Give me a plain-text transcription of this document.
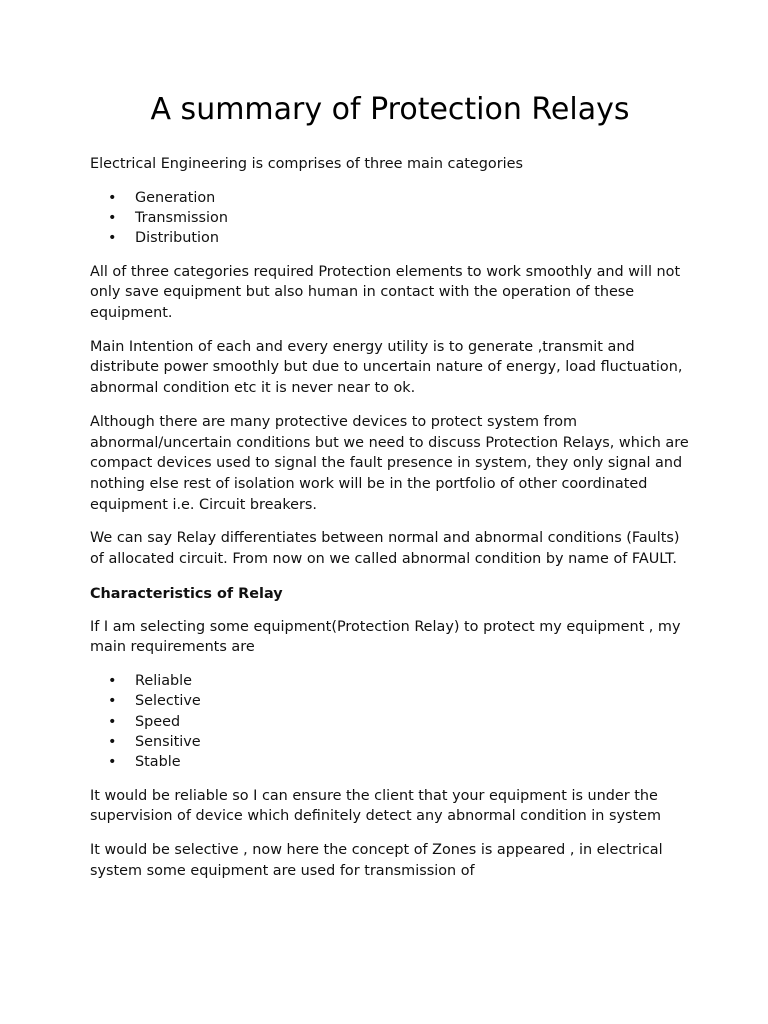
A summary of Protection Relays

Electrical Engineering is comprises of three main categories

• Generation
• Transmission
• Distribution

All of three categories required Protection elements to work smoothly and will not only save equipment but also human in contact with the operation of these equipment.

Main Intention of each and every energy utility is to generate ,transmit and distribute power smoothly but due to uncertain nature of energy, load fluctuation, abnormal condition etc it is never near to ok.

Although there are many protective devices to protect system from abnormal/uncertain conditions but we need to discuss Protection Relays, which are compact devices used to signal the fault presence in system, they only signal and nothing else rest of isolation work will be in the portfolio of other coordinated equipment i.e. Circuit breakers.

We can say Relay differentiates between normal and abnormal conditions (Faults) of allocated circuit. From now on we called abnormal condition by name of FAULT.

Characteristics of Relay

If I am selecting some equipment(Protection Relay) to protect my equipment , my main requirements are

• Reliable
• Selective
• Speed
• Sensitive
• Stable

It would be reliable so I can ensure the client that your equipment is under the supervision of device which definitely detect any abnormal condition in system

It would be selective , now here the concept of Zones is appeared , in electrical system some equipment are used for transmission of
